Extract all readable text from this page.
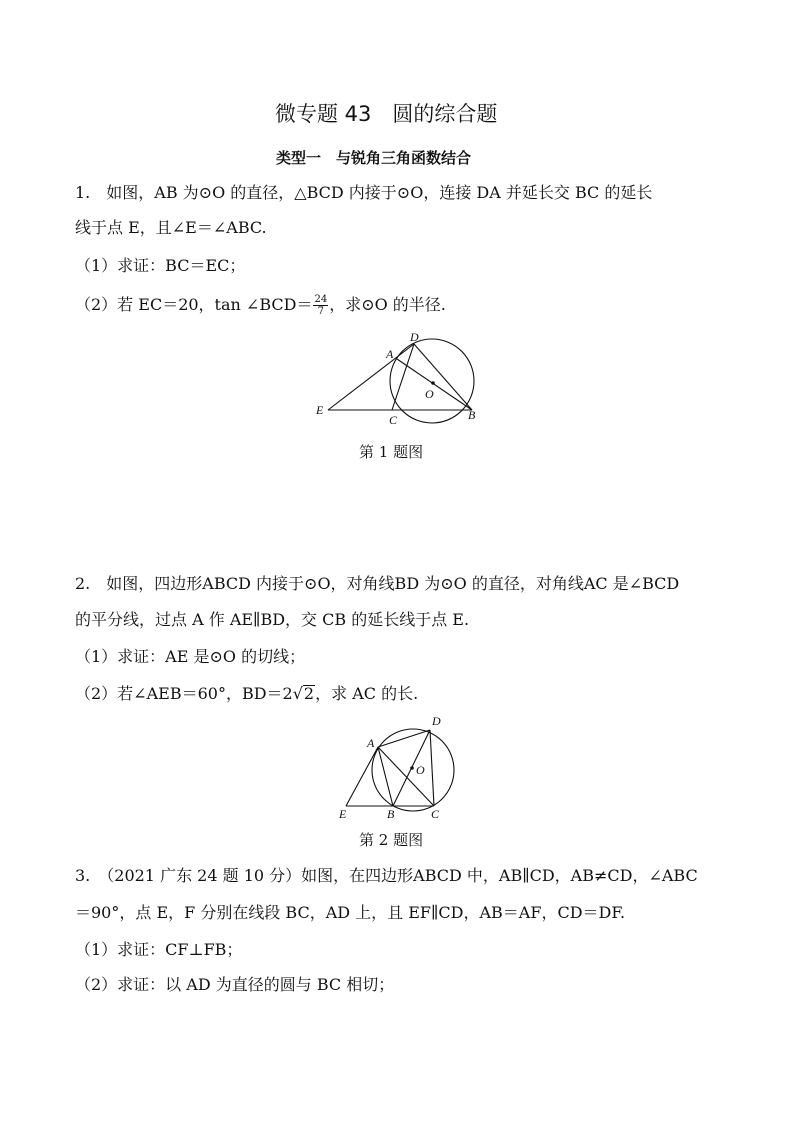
微专题 43　圆的综合题
类型一　与锐角三角函数结合
1.　如图，AB 为⊙O 的直径，△BCD 内接于⊙O，连接 DA 并延长交 BC 的延长
线于点 E，且∠E＝∠ABC.
（1）求证：BC＝EC；
（2）若 EC＝20，tan ∠BCD＝ $\frac{24}{7}$ ，求⊙O 的半径.
D
A
O
E
C	B
第 1 题图
2.　如图，四边形ABCD 内接于⊙O，对角线BD 为⊙O 的直径，对角线AC 是∠BCD
的平分线，过点 A 作 AE∥BD，交 CB 的延长线于点 E.
（1）求证：AE 是⊙O 的切线；
（2）若∠AEB＝60°，BD＝2√2，求 AC 的长.
D
A
O
E	B	C
第 2 题图
3.　（2021 广东 24 题 10 分）如图，在四边形ABCD 中，AB∥CD，AB≠CD，∠ABC
＝90°，点 E，F 分别在线段 BC，AD 上，且 EF∥CD，AB＝AF，CD＝DF.
（1）求证：CF⊥FB；
（2）求证：以 AD 为直径的圆与 BC 相切；
